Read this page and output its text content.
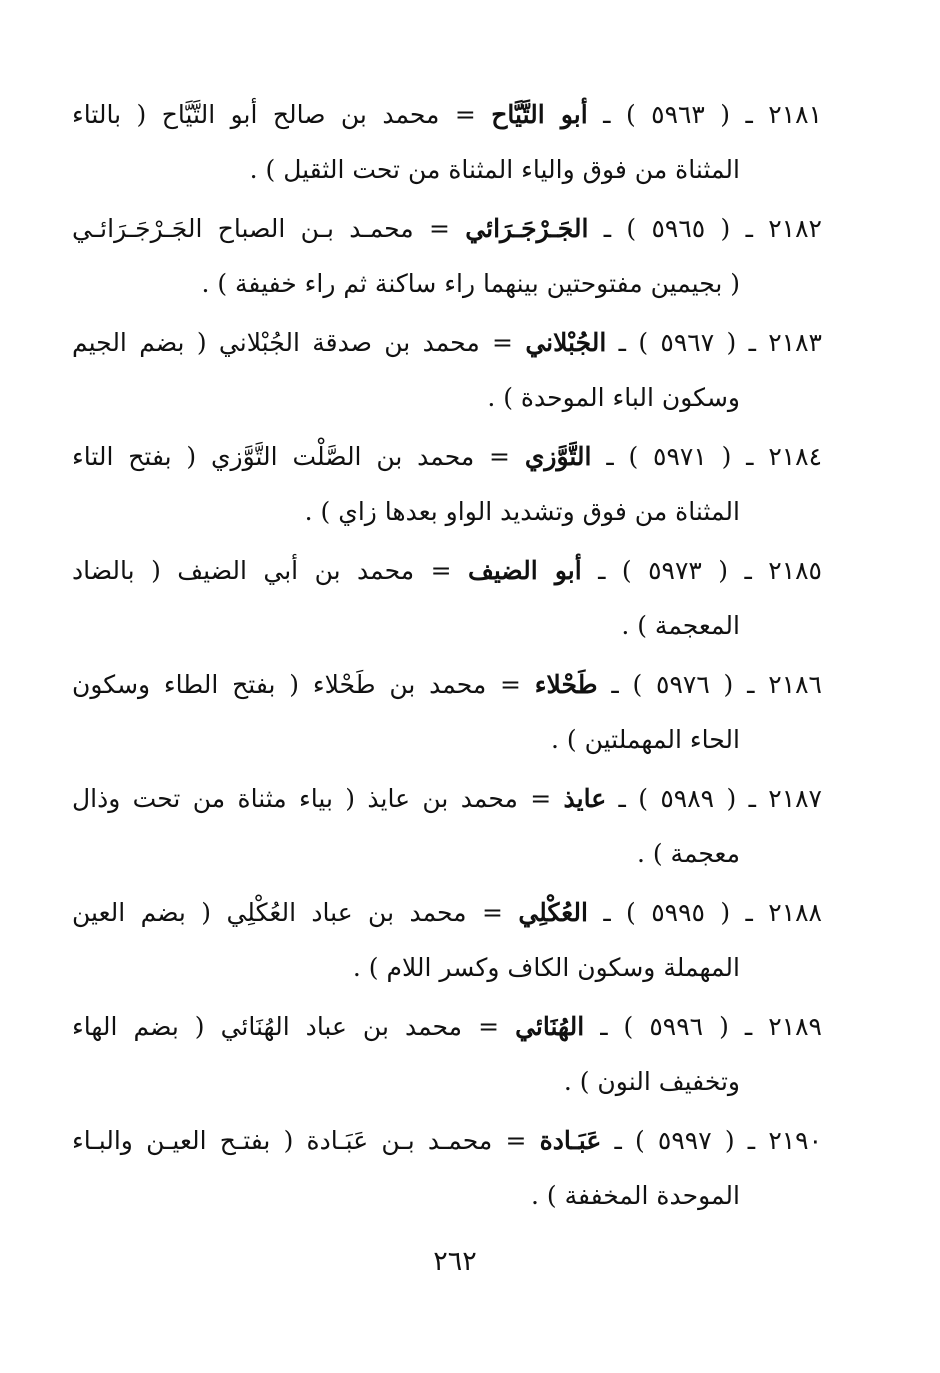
٢١٨١ ـ ( ٥٩٦٣ ) ـ أبو التَّيَّاح = محمد بن صالح أبو التَّيَّاح ( بالتاء
المثناة من فوق والياء المثناة من تحت الثقيل ) .
٢١٨٢ ـ ( ٥٩٦٥ ) ـ الجَـرْجَـرَائي = محمـد بـن الصباح الجَـرْجَـرَائـي
( بجيمين مفتوحتين بينهما راء ساكنة ثم راء خفيفة ) .
٢١٨٣ ـ ( ٥٩٦٧ ) ـ الجُبْلاني = محمد بن صدقة الجُبْلاني ( بضم الجيم
وسكون الباء الموحدة ) .
٢١٨٤ ـ ( ٥٩٧١ ) ـ التَّوَّزي = محمد بن الصَّلْت التَّوَّزي ( بفتح التاء
المثناة من فوق وتشديد الواو بعدها زاي ) .
٢١٨٥ ـ ( ٥٩٧٣ ) ـ أبو الضيف = محمد بن أبي الضيف ( بالضاد
المعجمة ) .
٢١٨٦ ـ ( ٥٩٧٦ ) ـ طَحْلاء = محمد بن طَحْلاء ( بفتح الطاء وسكون
الحاء المهملتين ) .
٢١٨٧ ـ ( ٥٩٨٩ ) ـ عايذ = محمد بن عايذ ( بياء مثناة من تحت وذال
معجمة ) .
٢١٨٨ ـ ( ٥٩٩٥ ) ـ العُكْلِي = محمد بن عباد العُكْلِي ( بضم العين
المهملة وسكون الكاف وكسر اللام ) .
٢١٨٩ ـ ( ٥٩٩٦ ) ـ الهُنَائي = محمد بن عباد الهُنَائي ( بضم الهاء
وتخفيف النون ) .
٢١٩٠ ـ ( ٥٩٩٧ ) ـ عَبَـادة = محمـد بـن عَبَـادة ( بفتـح العيـن والبـاء
الموحدة المخففة ) .
٢٦٢
